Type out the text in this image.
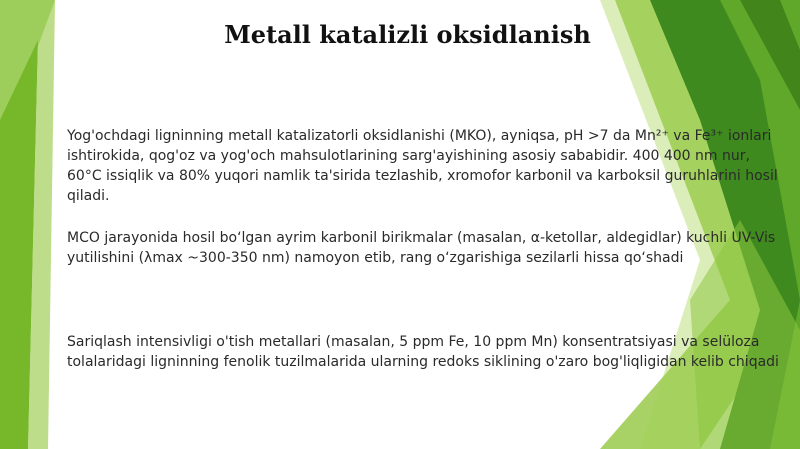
Metall katalizli oksidlanish

Yog'ochdagi ligninning metall katalizatorli oksidlanishi (MKO), ayniqsa, pH >7 da Mn²⁺ va Fe³⁺ ionlari ishtirokida, qog'oz va yog'och mahsulotlarining sarg'ayishining asosiy sababidir. 400 400 nm nur, 60°C issiqlik va 80% yuqori namlik ta'sirida tezlashib, xromofor karbonil va karboksil guruhlarini hosil qiladi.

MCO jarayonida hosil bo‘lgan ayrim karbonil birikmalar (masalan, α-ketollar, aldegidlar) kuchli UV-Vis yutilishini (λmax ~300-350 nm) namoyon etib, rang o‘zgarishiga sezilarli hissa qo‘shadi

Sariqlash intensivligi o'tish metallari (masalan, 5 ppm Fe, 10 ppm Mn) konsentratsiyasi va selüloza tolalaridagi ligninning fenolik tuzilmalarida ularning redoks siklining o'zaro bog'liqligidan kelib chiqadi
